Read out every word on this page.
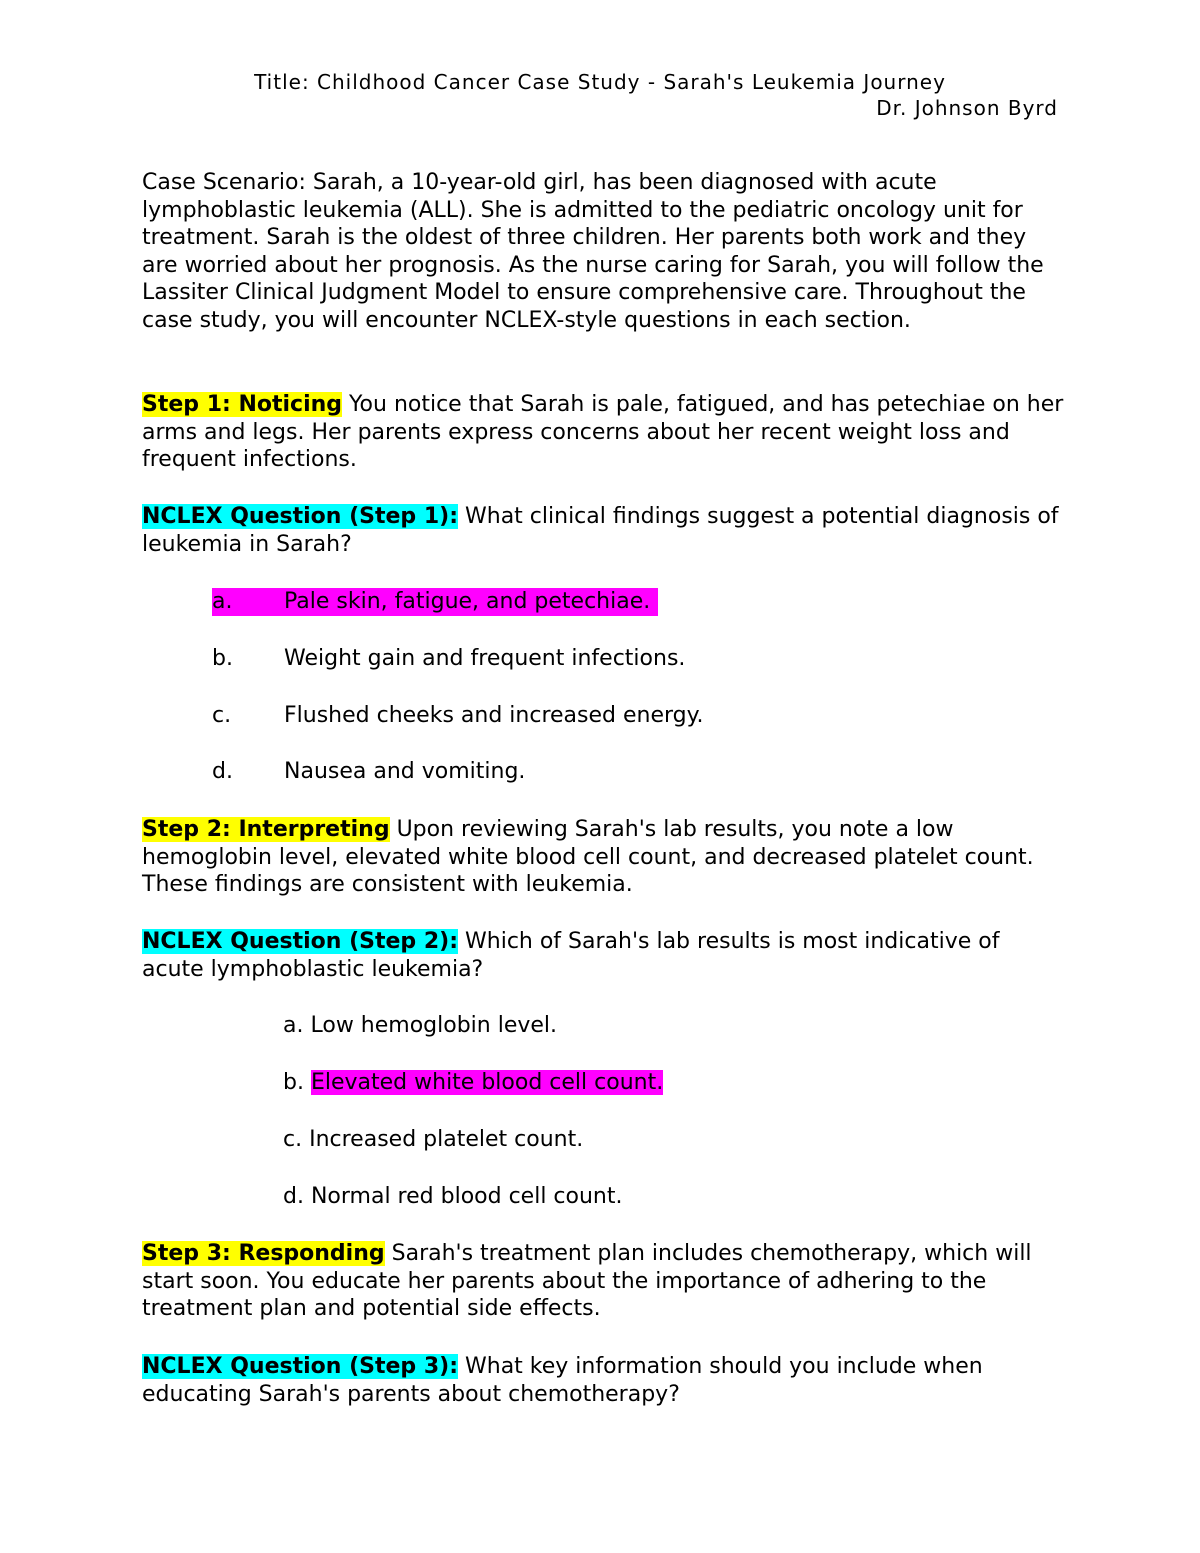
Title: Childhood Cancer Case Study - Sarah's Leukemia Journey
Dr. Johnson Byrd
Case Scenario: Sarah, a 10-year-old girl, has been diagnosed with acute lymphoblastic leukemia (ALL). She is admitted to the pediatric oncology unit for treatment. Sarah is the oldest of three children. Her parents both work and they are worried about her prognosis. As the nurse caring for Sarah, you will follow the Lassiter Clinical Judgment Model to ensure comprehensive care. Throughout the case study, you will encounter NCLEX-style questions in each section.
Step 1: Noticing You notice that Sarah is pale, fatigued, and has petechiae on her arms and legs. Her parents express concerns about her recent weight loss and frequent infections.
NCLEX Question (Step 1): What clinical findings suggest a potential diagnosis of leukemia in Sarah?
a. Pale skin, fatigue, and petechiae.
b. Weight gain and frequent infections.
c. Flushed cheeks and increased energy.
d. Nausea and vomiting.
Step 2: Interpreting Upon reviewing Sarah's lab results, you note a low hemoglobin level, elevated white blood cell count, and decreased platelet count. These findings are consistent with leukemia.
NCLEX Question (Step 2): Which of Sarah's lab results is most indicative of acute lymphoblastic leukemia?
a. Low hemoglobin level.
b. Elevated white blood cell count.
c. Increased platelet count.
d. Normal red blood cell count.
Step 3: Responding Sarah's treatment plan includes chemotherapy, which will start soon. You educate her parents about the importance of adhering to the treatment plan and potential side effects.
NCLEX Question (Step 3): What key information should you include when educating Sarah's parents about chemotherapy?
